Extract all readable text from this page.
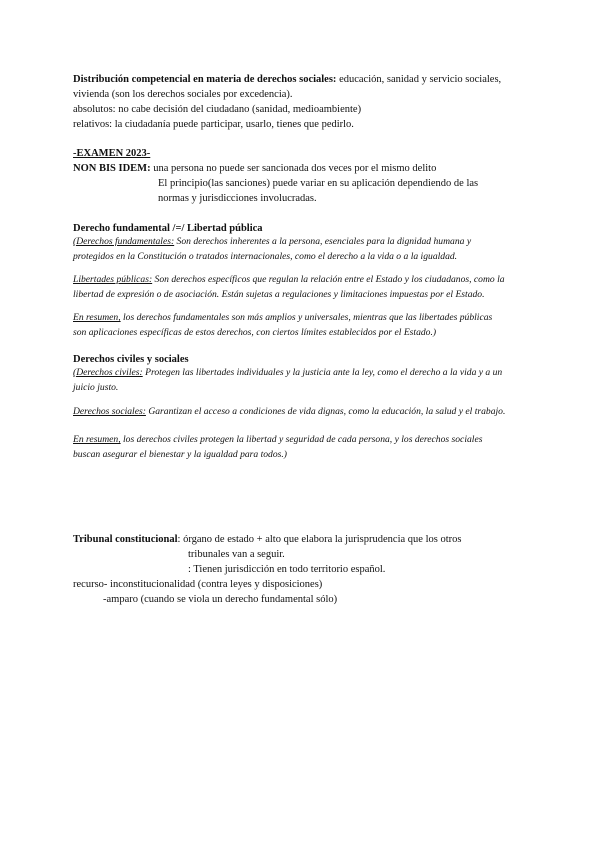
Distribución competencial en materia de derechos sociales: educación, sanidad y servicio sociales,
vivienda (son los derechos sociales por excedencia).
absolutos: no cabe decisión del ciudadano (sanidad, medioambiente)
relativos: la ciudadanía puede participar, usarlo, tienes que pedirlo.
-EXAMEN 2023-
NON BIS IDEM: una persona no puede ser sancionada dos veces por el mismo delito
El principio(las sanciones) puede variar en su aplicación dependiendo de las
normas y jurisdicciones involucradas.
Derecho fundamental /=/ Libertad pública
(Derechos fundamentales: Son derechos inherentes a la persona, esenciales para la dignidad humana y
protegidos en la Constitución o tratados internacionales, como el derecho a la vida o a la igualdad.
Libertades públicas: Son derechos específicos que regulan la relación entre el Estado y los ciudadanos, como la
libertad de expresión o de asociación. Están sujetas a regulaciones y limitaciones impuestas por el Estado.
En resumen, los derechos fundamentales son más amplios y universales, mientras que las libertades públicas
son aplicaciones específicas de estos derechos, con ciertos límites establecidos por el Estado.)
Derechos civiles y sociales
(Derechos civiles: Protegen las libertades individuales y la justicia ante la ley, como el derecho a la vida y a un
juicio justo.
Derechos sociales: Garantizan el acceso a condiciones de vida dignas, como la educación, la salud y el trabajo.
En resumen, los derechos civiles protegen la libertad y seguridad de cada persona, y los derechos sociales
buscan asegurar el bienestar y la igualdad para todos.)
Tribunal constitucional: órgano de estado + alto que elabora la jurisprudencia que los otros
tribunales van a seguir.
: Tienen jurisdicción en todo territorio español.
recurso- inconstitucionalidad (contra leyes y disposiciones)
-amparo (cuando se viola un derecho fundamental sólo)
